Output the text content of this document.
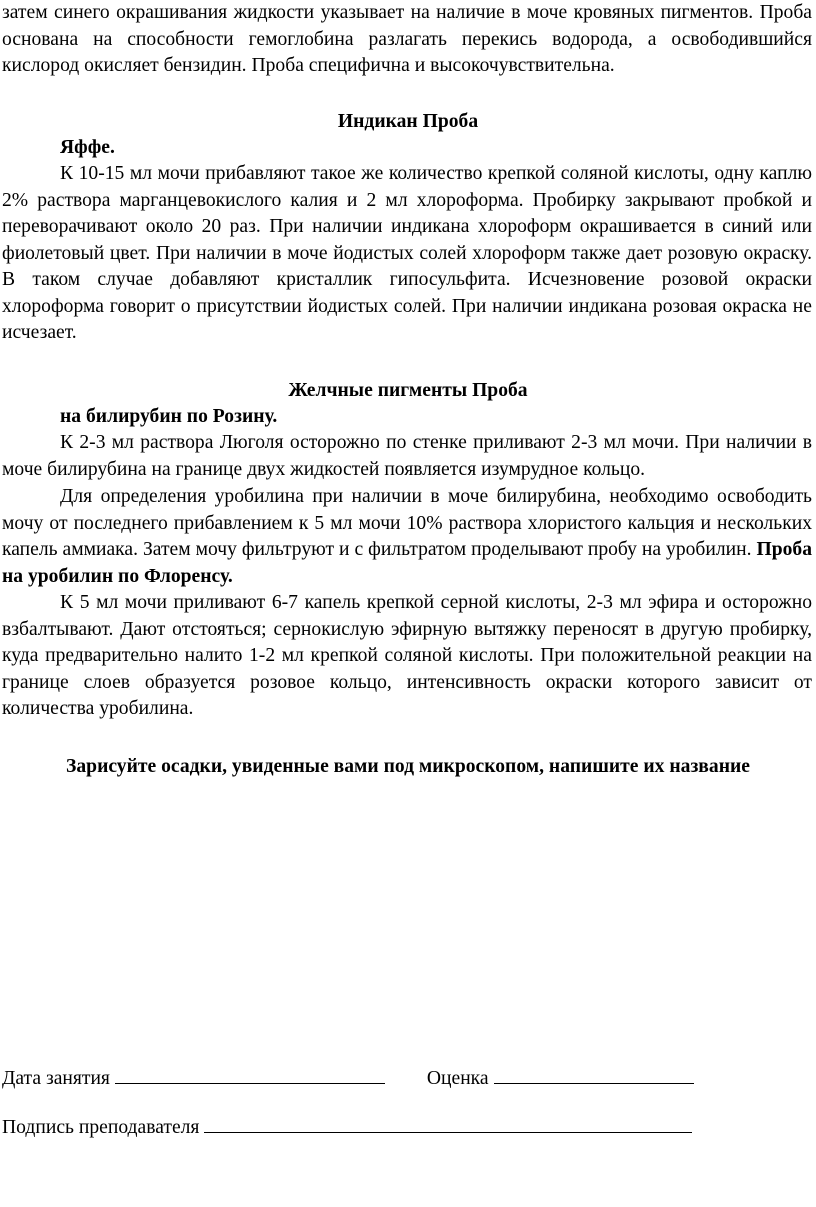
затем синего окрашивания жидкости указывает на наличие в моче кровяных пигментов. Проба основана на способности гемоглобина разлагать перекись водорода, а освободившийся кислород окисляет бензидин. Проба специфична и высокочувствительна.

Индикан Проба

Яффе.

К 10-15 мл мочи прибавляют такое же количество крепкой соляной кислоты, одну каплю 2% раствора марганцевокислого калия и 2 мл хлороформа. Пробирку закрывают пробкой и переворачивают около 20 раз. При наличии индикана хлороформ окрашивается в синий или фиолетовый цвет. При наличии в моче йодистых солей хлороформ также дает розовую окраску. В таком случае добавляют кристаллик гипосульфита. Исчезновение розовой окраски хлороформа говорит о присутствии йодистых солей. При наличии индикана розовая окраска не исчезает.

Желчные пигменты Проба

на билирубин по Розину.

К 2-3 мл раствора Люголя осторожно по стенке приливают 2-3 мл мочи. При наличии в моче билирубина на границе двух жидкостей появляется изумрудное кольцо.

Для определения уробилина при наличии в моче билирубина, необходимо освободить мочу от последнего прибавлением к 5 мл мочи 10% раствора хлористого кальция и нескольких капель аммиака. Затем мочу фильтруют и с фильтратом проделывают пробу на уробилин. Проба на уробилин по Флоренсу.

К 5 мл мочи приливают 6-7 капель крепкой серной кислоты, 2-3 мл эфира и осторожно взбалтывают. Дают отстояться; сернокислую эфирную вытяжку переносят в другую пробирку, куда предварительно налито 1-2 мл крепкой соляной кислоты. При положительной реакции на границе слоев образуется розовое кольцо, интенсивность окраски которого зависит от количества уробилина.

Зарисуйте осадки, увиденные вами под микроскопом, напишите их название

Дата занятия	Оценка

Подпись преподавателя
